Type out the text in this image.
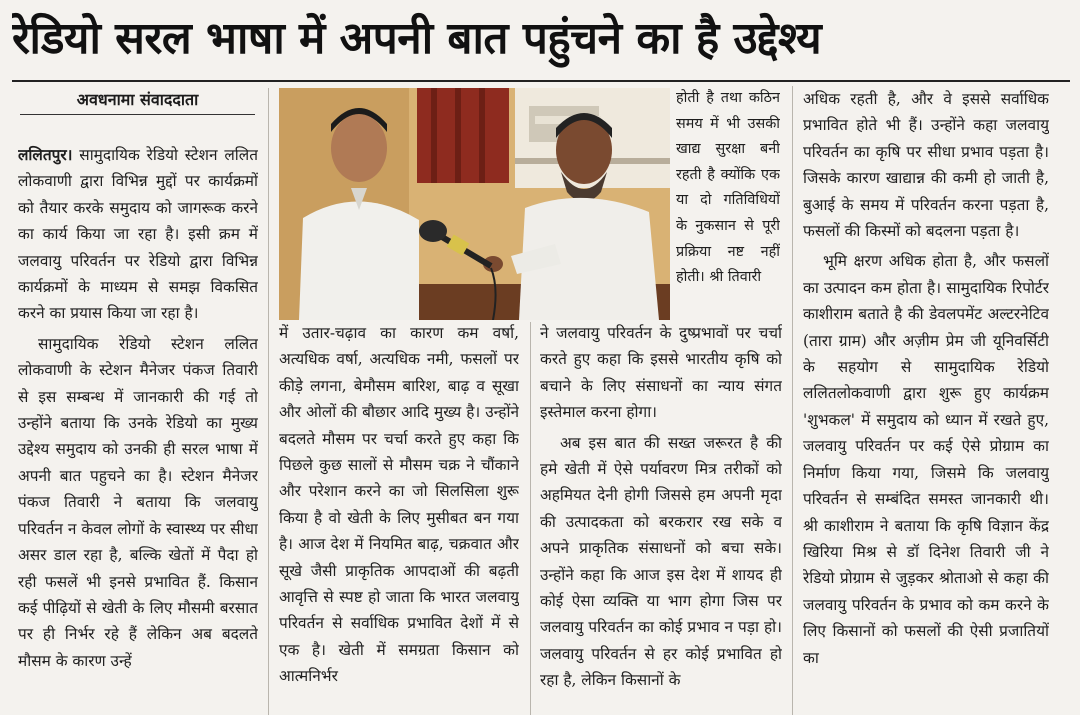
रेडियो सरल भाषा में अपनी बात पहुंचने का है उद्देश्य
अवधनामा संवाददाता

ललितपुर। सामुदायिक रेडियो स्टेशन ललित लोकवाणी द्वारा विभिन्न मुद्दों पर कार्यक्रमों को तैयार करके समुदाय को जागरूक करने का कार्य किया जा रहा है। इसी क्रम में जलवायु परिवर्तन पर रेडियो द्वारा विभिन्न कार्यक्रमों के माध्यम से समझ विकसित करने का प्रयास किया जा रहा है।

सामुदायिक रेडियो स्टेशन ललित लोकवाणी के स्टेशन मैनेजर पंकज तिवारी से इस सम्बन्ध में जानकारी की गई तो उन्होंने बताया कि उनके रेडियो का मुख्य उद्देश्य समुदाय को उनकी ही सरल भाषा में अपनी बात पहुचने का है। स्टेशन मैनेजर पंकज तिवारी ने बताया कि जलवायु परिवर्तन न केवल लोगों के स्वास्थ्य पर सीधा असर डाल रहा है, बल्कि खेतों में पैदा हो रही फसलें भी इनसे प्रभावित हैं. किसान कई पीढ़ियों से खेती के लिए मौसमी बरसात पर ही निर्भर रहे हैं लेकिन अब बदलते मौसम के कारण उन्हें

होती है तथा कठिन समय में भी उसकी खाद्य सुरक्षा बनी रहती है क्योंकि एक या दो गतिविधियों के नुकसान से पूरी प्रक्रिया नष्ट नहीं होती। श्री तिवारी

में उतार-चढ़ाव का कारण कम वर्षा, अत्यधिक वर्षा, अत्यधिक नमी, फसलों पर कीड़े लगना, बेमौसम बारिश, बाढ़ व सूखा और ओलों की बौछार आदि मुख्य है। उन्होंने बदलते मौसम पर चर्चा करते हुए कहा कि पिछले कुछ सालों से मौसम चक्र ने चौंकाने और परेशान करने का जो सिलसिला शुरू किया है वो खेती के लिए मुसीबत बन गया है। आज देश में नियमित बाढ़, चक्रवात और सूखे जैसी प्राकृतिक आपदाओं की बढ़ती आवृत्ति से स्पष्ट हो जाता कि भारत जलवायु परिवर्तन से सर्वाधिक प्रभावित देशों में से एक है। खेती में समग्रता किसान को आत्मनिर्भर

ने जलवायु परिवर्तन के दुष्प्रभावों पर चर्चा करते हुए कहा कि इससे भारतीय कृषि को बचाने के लिए संसाधनों का न्याय संगत इस्तेमाल करना होगा।

अब इस बात की सख्त जरूरत है की हमे खेती में ऐसे पर्यावरण मित्र तरीकों को अहमियत देनी होगी जिससे हम अपनी मृदा की उत्पादकता को बरकरार रख सके व अपने प्राकृतिक संसाधनों को बचा सके। उन्होंने कहा कि आज इस देश में शायद ही कोई ऐसा व्यक्ति या भाग होगा जिस पर जलवायु परिवर्तन का कोई प्रभाव न पड़ा हो। जलवायु परिवर्तन से हर कोई प्रभावित हो रहा है, लेकिन किसानों के

अधिक रहती है, और वे इससे सर्वाधिक प्रभावित होते भी हैं। उन्होंने कहा जलवायु परिवर्तन का कृषि पर सीधा प्रभाव पड़ता है। जिसके कारण खाद्यान्न की कमी हो जाती है, बुआई के समय में परिवर्तन करना पड़ता है, फसलों की किस्मों को बदलना पड़ता है।

भूमि क्षरण अधिक होता है, और फसलों का उत्पादन कम होता है। सामुदायिक रिपोर्टर काशीराम बताते है की डेवलपमेंट अल्टरनेटिव (तारा ग्राम) और अज़ीम प्रेम जी यूनिवर्सिटी के सहयोग से सामुदायिक रेडियो ललितलोकवाणी द्वारा शुरू हुए कार्यक्रम 'शुभकल' में समुदाय को ध्यान में रखते हुए, जलवायु परिवर्तन पर कई ऐसे प्रोग्राम का निर्माण किया गया, जिसमे कि जलवायु परिवर्तन से सम्बंदित समस्त जानकारी थी। श्री काशीराम ने बताया कि कृषि विज्ञान केंद्र खिरिया मिश्र से डॉ दिनेश तिवारी जी ने रेडियो प्रोग्राम से जुड़कर श्रोताओ से कहा की जलवायु परिवर्तन के प्रभाव को कम करने के लिए किसानों को फसलों की ऐसी प्रजातियों का
